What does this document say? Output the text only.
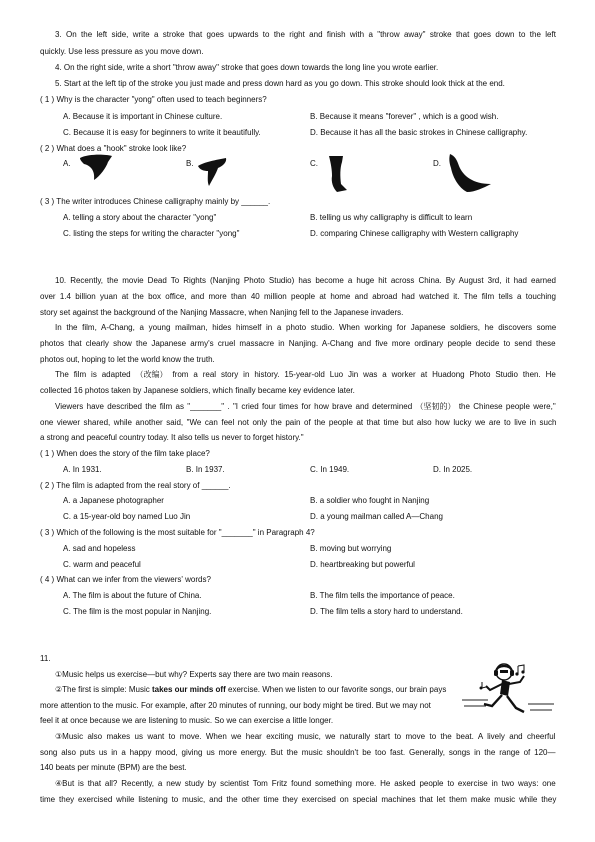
3. On the left side, write a stroke that goes upwards to the right and finish with a "throw away" stroke that goes down to the left
quickly. Use less pressure as you move down.
4. On the right side, write a short "throw away" stroke that goes down towards the long line you wrote earlier.
5. Start at the left tip of the stroke you just made and press down hard as you go down. This stroke should look thick at the end.
( 1 ) Why is the character "yong" often used to teach beginners?
A. Because it is important in Chinese culture.	B. Because it means "forever" , which is a good wish.
C. Because it is easy for beginners to write it beautifully.	D. Because it has all the basic strokes in Chinese calligraphy.
( 2 ) What does a "hook" stroke look like?
A.	B.	C.	D.
( 3 ) The writer introduces Chinese calligraphy mainly by ______.
A. telling a story about the character "yong"	B. telling us why calligraphy is difficult to learn
C. listing the steps for writing the character "yong"	D. comparing Chinese calligraphy with Western calligraphy
10. Recently, the movie Dead To Rights (Nanjing Photo Studio) has become a huge hit across China. By August 3rd, it had earned
over 1.4 billion yuan at the box office, and more than 40 million people at home and abroad had watched it. The film tells a touching
story set against the background of the Nanjing Massacre, when Nanjing fell to the Japanese invaders.
In the film, A-Chang, a young mailman, hides himself in a photo studio. When working for Japanese soldiers, he discovers some
photos that clearly show the Japanese army's cruel massacre in Nanjing. A-Chang and five more ordinary people decide to send these
photos out, hoping to let the world know the truth.
The film is adapted （改编） from a real story in history. 15-year-old Luo Jin was a worker at Huadong Photo Studio then. He
collected 16 photos taken by Japanese soldiers, which finally became key evidence later.
Viewers have described the film as "_______" . "I cried four times for how brave and determined （坚韧的） the Chinese people were,"
one viewer shared, while another said, "We can feel not only the pain of the people at that time but also how lucky we are to live in such
a strong and peaceful country today. It also tells us never to forget history."
( 1 ) When does the story of the film take place?
A. In 1931.	B. In 1937.	C. In 1949.	D. In 2025.
( 2 ) The film is adapted from the real story of ______.
A. a Japanese photographer	B. a soldier who fought in Nanjing
C. a 15-year-old boy named Luo Jin	D. a young mailman called A—Chang
( 3 ) Which of the following is the most suitable for "_______" in Paragraph 4?
A. sad and hopeless	B. moving but worrying
C. warm and peaceful	D. heartbreaking but powerful
( 4 ) What can we infer from the viewers' words?
A. The film is about the future of China.	B. The film tells the importance of peace.
C. The film is the most popular in Nanjing.	D. The film tells a story hard to understand.
11.
①Music helps us exercise—but why? Experts say there are two main reasons.
②The first is simple: Music takes our minds off exercise. When we listen to our favorite songs, our brain pays
more attention to the music. For example, after 20 minutes of running, our body might be tired. But we may not
feel it at once because we are listening to music. So we can exercise a little longer.
③Music also makes us want to move. When we hear exciting music, we naturally start to move to the beat. A lively and cheerful
song also puts us in a happy mood, giving us more energy. But the music shouldn't be too fast. Generally, songs in the range of 120—
140 beats per minute (BPM) are the best.
④But is that all? Recently, a new study by scientist Tom Fritz found something more. He asked people to exercise in two ways: one
time they exercised while listening to music, and the other time they exercised on special machines that let them make music while they
